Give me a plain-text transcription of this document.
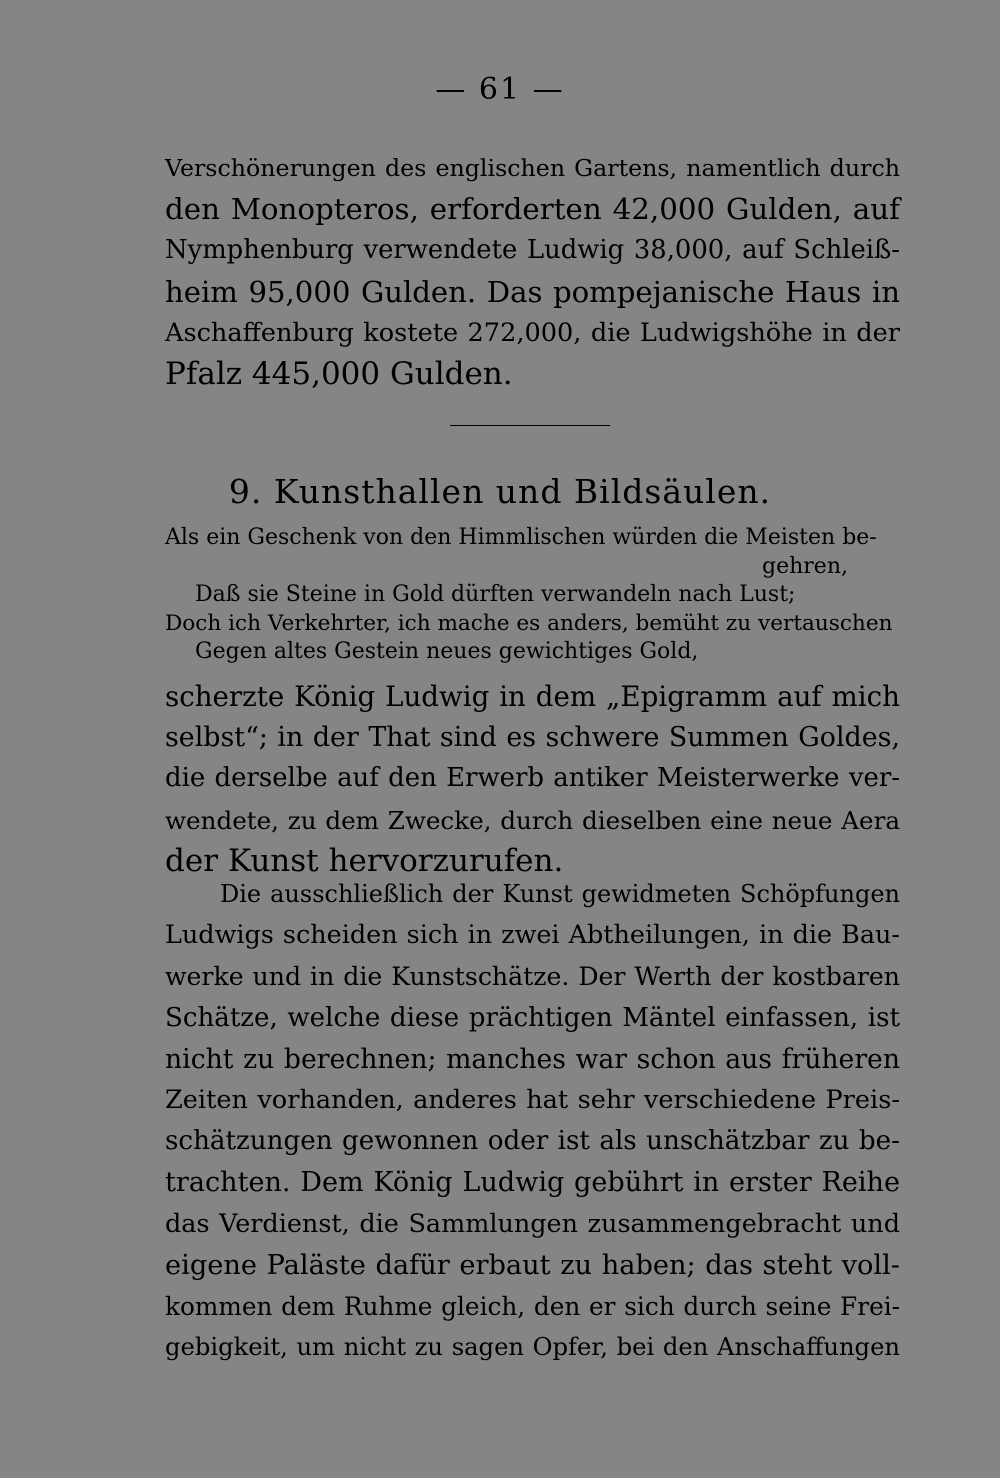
— 61 —
Verschönerungen des englischen Gartens, namentlich durch
den Monopteros, erforderten 42,000 Gulden, auf
Nymphenburg verwendete Ludwig 38,000, auf Schleiß-
heim 95,000 Gulden. Das pompejanische Haus in
Aschaffenburg kostete 272,000, die Ludwigshöhe in der
Pfalz 445,000 Gulden.
9. Kunsthallen und Bildsäulen.
Als ein Geschenk von den Himmlischen würden die Meisten be-
gehren,
Daß sie Steine in Gold dürften verwandeln nach Lust;
Doch ich Verkehrter, ich mache es anders, bemüht zu vertauschen
Gegen altes Gestein neues gewichtiges Gold,
scherzte König Ludwig in dem „Epigramm auf mich
selbst“; in der That sind es schwere Summen Goldes,
die derselbe auf den Erwerb antiker Meisterwerke ver-
wendete, zu dem Zwecke, durch dieselben eine neue Aera
der Kunst hervorzurufen.
Die ausschließlich der Kunst gewidmeten Schöpfungen
Ludwigs scheiden sich in zwei Abtheilungen, in die Bau-
werke und in die Kunstschätze. Der Werth der kostbaren
Schätze, welche diese prächtigen Mäntel einfassen, ist
nicht zu berechnen; manches war schon aus früheren
Zeiten vorhanden, anderes hat sehr verschiedene Preis-
schätzungen gewonnen oder ist als unschätzbar zu be-
trachten. Dem König Ludwig gebührt in erster Reihe
das Verdienst, die Sammlungen zusammengebracht und
eigene Paläste dafür erbaut zu haben; das steht voll-
kommen dem Ruhme gleich, den er sich durch seine Frei-
gebigkeit, um nicht zu sagen Opfer, bei den Anschaffungen
